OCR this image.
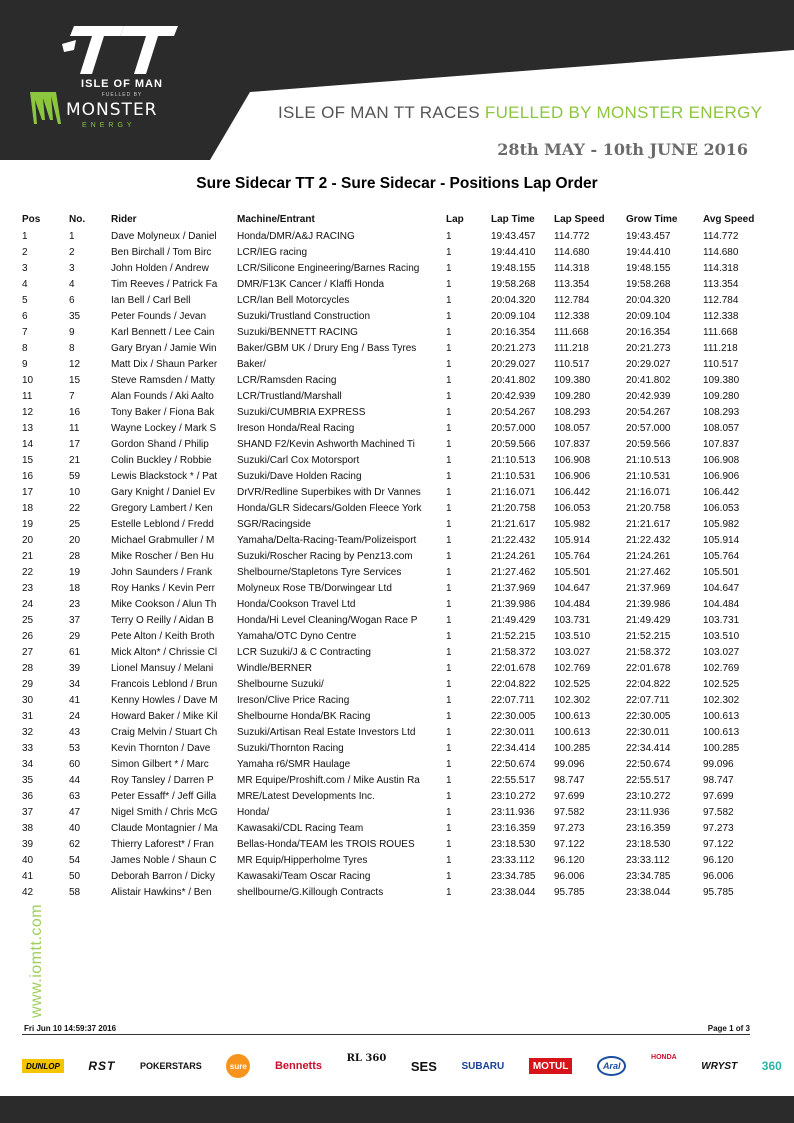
ISLE OF MAN
FUELLED BY
MONSTER
ENERGY
ISLE OF MAN TT RACES FUELLED BY MONSTER ENERGY
28th MAY - 10th JUNE 2016
Sure Sidecar TT 2 - Sure Sidecar - Positions Lap Order
Pos	No.	Rider	Machine/Entrant	Lap	Lap Time	Lap Speed	Grow Time	Avg Speed
1	1	Dave Molyneux / Daniel	Honda/DMR/A&J RACING	1	19:43.457	114.772	19:43.457	114.772
2	2	Ben Birchall / Tom Birc	LCR/IEG racing	1	19:44.410	114.680	19:44.410	114.680
3	3	John Holden / Andrew	LCR/Silicone Engineering/Barnes Racing	1	19:48.155	114.318	19:48.155	114.318
4	4	Tim Reeves / Patrick Fa	DMR/F13K Cancer / Klaffi Honda	1	19:58.268	113.354	19:58.268	113.354
5	6	Ian Bell / Carl Bell	LCR/Ian Bell Motorcycles	1	20:04.320	112.784	20:04.320	112.784
6	35	Peter Founds / Jevan	Suzuki/Trustland Construction	1	20:09.104	112.338	20:09.104	112.338
7	9	Karl Bennett / Lee Cain	Suzuki/BENNETT RACING	1	20:16.354	111.668	20:16.354	111.668
8	8	Gary Bryan / Jamie Win	Baker/GBM UK / Drury Eng / Bass Tyres	1	20:21.273	111.218	20:21.273	111.218
9	12	Matt Dix / Shaun Parker	Baker/	1	20:29.027	110.517	20:29.027	110.517
10	15	Steve Ramsden / Matty	LCR/Ramsden Racing	1	20:41.802	109.380	20:41.802	109.380
11	7	Alan Founds / Aki Aalto	LCR/Trustland/Marshall	1	20:42.939	109.280	20:42.939	109.280
12	16	Tony Baker / Fiona Bak	Suzuki/CUMBRIA EXPRESS	1	20:54.267	108.293	20:54.267	108.293
13	11	Wayne Lockey / Mark S	Ireson Honda/Real Racing	1	20:57.000	108.057	20:57.000	108.057
14	17	Gordon Shand / Philip	SHAND F2/Kevin Ashworth Machined Ti	1	20:59.566	107.837	20:59.566	107.837
15	21	Colin Buckley / Robbie	Suzuki/Carl Cox Motorsport	1	21:10.513	106.908	21:10.513	106.908
16	59	Lewis Blackstock * / Pat	Suzuki/Dave Holden Racing	1	21:10.531	106.906	21:10.531	106.906
17	10	Gary Knight / Daniel Ev	DrVR/Redline Superbikes with Dr Vannes	1	21:16.071	106.442	21:16.071	106.442
18	22	Gregory Lambert / Ken	Honda/GLR Sidecars/Golden Fleece York	1	21:20.758	106.053	21:20.758	106.053
19	25	Estelle Leblond / Fredd	SGR/Racingside	1	21:21.617	105.982	21:21.617	105.982
20	20	Michael Grabmuller / M	Yamaha/Delta-Racing-Team/Polizeisport	1	21:22.432	105.914	21:22.432	105.914
21	28	Mike Roscher / Ben Hu	Suzuki/Roscher Racing by Penz13.com	1	21:24.261	105.764	21:24.261	105.764
22	19	John Saunders / Frank	Shelbourne/Stapletons Tyre Services	1	21:27.462	105.501	21:27.462	105.501
23	18	Roy Hanks / Kevin Perr	Molyneux Rose TB/Dorwingear Ltd	1	21:37.969	104.647	21:37.969	104.647
24	23	Mike Cookson / Alun Th	Honda/Cookson Travel Ltd	1	21:39.986	104.484	21:39.986	104.484
25	37	Terry O Reilly / Aidan B	Honda/Hi Level Cleaning/Wogan Race P	1	21:49.429	103.731	21:49.429	103.731
26	29	Pete Alton / Keith Broth	Yamaha/OTC Dyno Centre	1	21:52.215	103.510	21:52.215	103.510
27	61	Mick Alton* / Chrissie Cl	LCR Suzuki/J & C Contracting	1	21:58.372	103.027	21:58.372	103.027
28	39	Lionel Mansuy / Melani	Windle/BERNER	1	22:01.678	102.769	22:01.678	102.769
29	34	Francois Leblond / Brun	Shelbourne Suzuki/	1	22:04.822	102.525	22:04.822	102.525
30	41	Kenny Howles / Dave M	Ireson/Clive Price Racing	1	22:07.711	102.302	22:07.711	102.302
31	24	Howard Baker / Mike Kil	Shelbourne Honda/BK Racing	1	22:30.005	100.613	22:30.005	100.613
32	43	Craig Melvin / Stuart Ch	Suzuki/Artisan Real Estate Investors Ltd	1	22:30.011	100.613	22:30.011	100.613
33	53	Kevin Thornton / Dave	Suzuki/Thornton Racing	1	22:34.414	100.285	22:34.414	100.285
34	60	Simon Gilbert * / Marc	Yamaha r6/SMR Haulage	1	22:50.674	99.096	22:50.674	99.096
35	44	Roy Tansley / Darren P	MR Equipe/Proshift.com / Mike Austin Ra	1	22:55.517	98.747	22:55.517	98.747
36	63	Peter Essaff* / Jeff Gilla	MRE/Latest Developments Inc.	1	23:10.272	97.699	23:10.272	97.699
37	47	Nigel Smith / Chris McG	Honda/	1	23:11.936	97.582	23:11.936	97.582
38	40	Claude Montagnier / Ma	Kawasaki/CDL Racing Team	1	23:16.359	97.273	23:16.359	97.273
39	62	Thierry Laforest* / Fran	Bellas-Honda/TEAM les TROIS ROUES	1	23:18.530	97.122	23:18.530	97.122
40	54	James Noble / Shaun C	MR Equip/Hipperholme Tyres	1	23:33.112	96.120	23:33.112	96.120
41	50	Deborah Barron / Dicky	Kawasaki/Team Oscar Racing	1	23:34.785	96.006	23:34.785	96.006
42	58	Alistair Hawkins* / Ben	shellbourne/G.Killough Contracts	1	23:38.044	95.785	23:38.044	95.785
www.iomtt.com
Fri Jun 10 14:59:37 2016	Page 1 of 3
DUNLOP	RST	POKERSTARS	sure	Bennetts
RL 360 SES SUBARU	MOTUL	Aral
HONDA
WRYST 360
